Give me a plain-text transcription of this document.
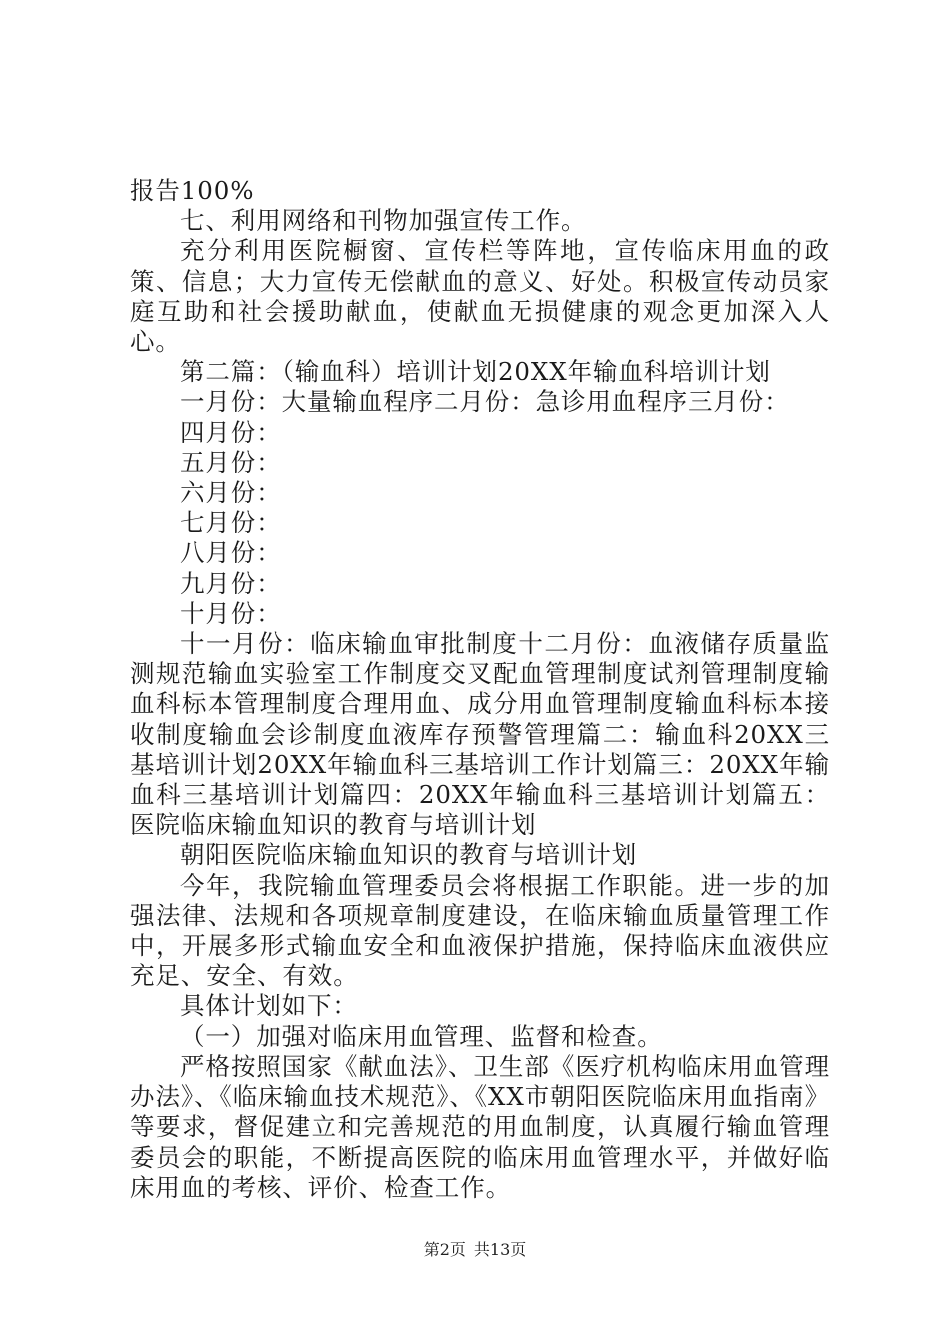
报告100%

七、利用网络和刊物加强宣传工作。

充分利用医院橱窗、宣传栏等阵地，宣传临床用血的政策、信息；大力宣传无偿献血的意义、好处。积极宣传动员家庭互助和社会援助献血，使献血无损健康的观念更加深入人心。

第二篇：（输血科）培训计划20XX年输血科培训计划

一月份：大量输血程序二月份：急诊用血程序三月份：

四月份：

五月份：

六月份：

七月份：

八月份：

九月份：

十月份：

十一月份：临床输血审批制度十二月份：血液储存质量监测规范输血实验室工作制度交叉配血管理制度试剂管理制度输血科标本管理制度合理用血、成分用血管理制度输血科标本接收制度输血会诊制度血液库存预警管理篇二：输血科20XX三基培训计划20XX年输血科三基培训工作计划篇三：20XX年输血科三基培训计划篇四：20XX年输血科三基培训计划篇五：医院临床输血知识的教育与培训计划

朝阳医院临床输血知识的教育与培训计划

今年，我院输血管理委员会将根据工作职能。进一步的加强法律、法规和各项规章制度建设，在临床输血质量管理工作中，开展多形式输血安全和血液保护措施，保持临床血液供应充足、安全、有效。

具体计划如下：

（一）加强对临床用血管理、监督和检查。

严格按照国家《献血法》、卫生部《医疗机构临床用血管理办法》、《临床输血技术规范》、《XX市朝阳医院临床用血指南》等要求，督促建立和完善规范的用血制度，认真履行输血管理委员会的职能，不断提高医院的临床用血管理水平，并做好临床用血的考核、评价、检查工作。

第2页 共13页
